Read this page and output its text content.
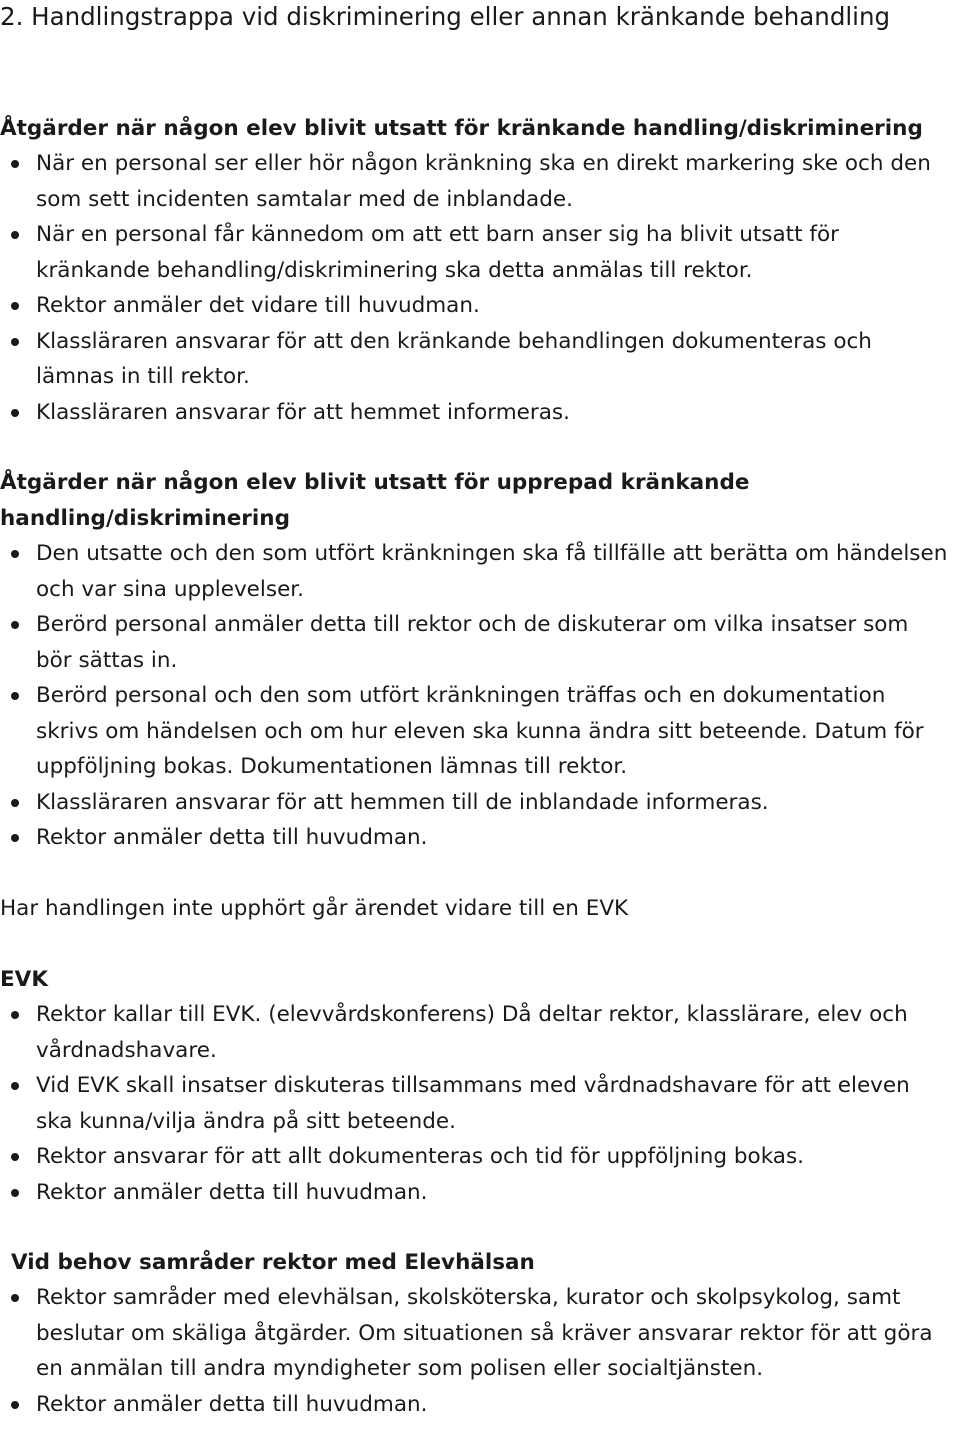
2. Handlingstrappa vid diskriminering eller annan kränkande behandling
Åtgärder när någon elev blivit utsatt för kränkande handling/diskriminering
När en personal ser eller hör någon kränkning ska en direkt markering ske och den som sett incidenten samtalar med de inblandade.
När en personal får kännedom om att ett barn anser sig ha blivit utsatt för kränkande behandling/diskriminering ska detta anmälas till rektor.
Rektor anmäler det vidare till huvudman.
Klassläraren ansvarar för att den kränkande behandlingen dokumenteras och lämnas in till rektor.
Klassläraren ansvarar för att hemmet informeras.
Åtgärder när någon elev blivit utsatt för upprepad kränkande handling/diskriminering
Den utsatte och den som utfört kränkningen ska få tillfälle att berätta om händelsen och var sina upplevelser.
Berörd personal anmäler detta till rektor och de diskuterar om vilka insatser som bör sättas in.
Berörd personal och den som utfört kränkningen träffas och en dokumentation skrivs om händelsen och om hur eleven ska kunna ändra sitt beteende. Datum för uppföljning bokas. Dokumentationen lämnas till rektor.
Klassläraren ansvarar för att hemmen till de inblandade informeras.
Rektor anmäler detta till huvudman.

Har handlingen inte upphört går ärendet vidare till en EVK

EVK
Rektor kallar till EVK. (elevvårdskonferens) Då deltar rektor, klasslärare, elev och vårdnadshavare.
Vid EVK skall insatser diskuteras tillsammans med vårdnadshavare för att eleven ska kunna/vilja ändra på sitt beteende.
Rektor ansvarar för att allt dokumenteras och tid för uppföljning bokas.
Rektor anmäler detta till huvudman.
Vid behov samråder rektor med Elevhälsan
Rektor samråder med elevhälsan, skolsköterska, kurator och skolpsykolog, samt beslutar om skäliga åtgärder. Om situationen så kräver ansvarar rektor för att göra en anmälan till andra myndigheter som polisen eller socialtjänsten.
Rektor anmäler detta till huvudman.
